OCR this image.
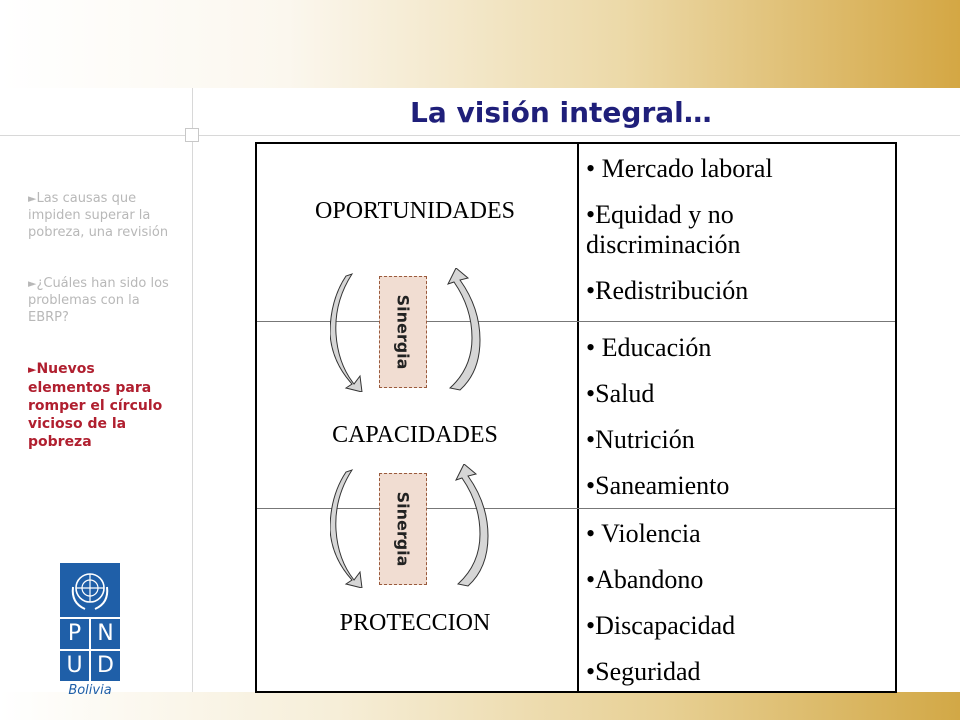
La visión integral…
►Las causas que impiden superar la pobreza, una revisión
►¿Cuáles han sido los problemas con la EBRP?
►Nuevos elementos para romper el círculo vicioso de la pobreza
OPORTUNIDADES
CAPACIDADES
PROTECCION
• Mercado laboral
•Equidad y no discriminación
•Redistribución
• Educación
•Salud
•Nutrición
•Saneamiento
• Violencia
•Abandono
•Discapacidad
•Seguridad
Sinergia
Sinergia
P N
U D
Bolivia
